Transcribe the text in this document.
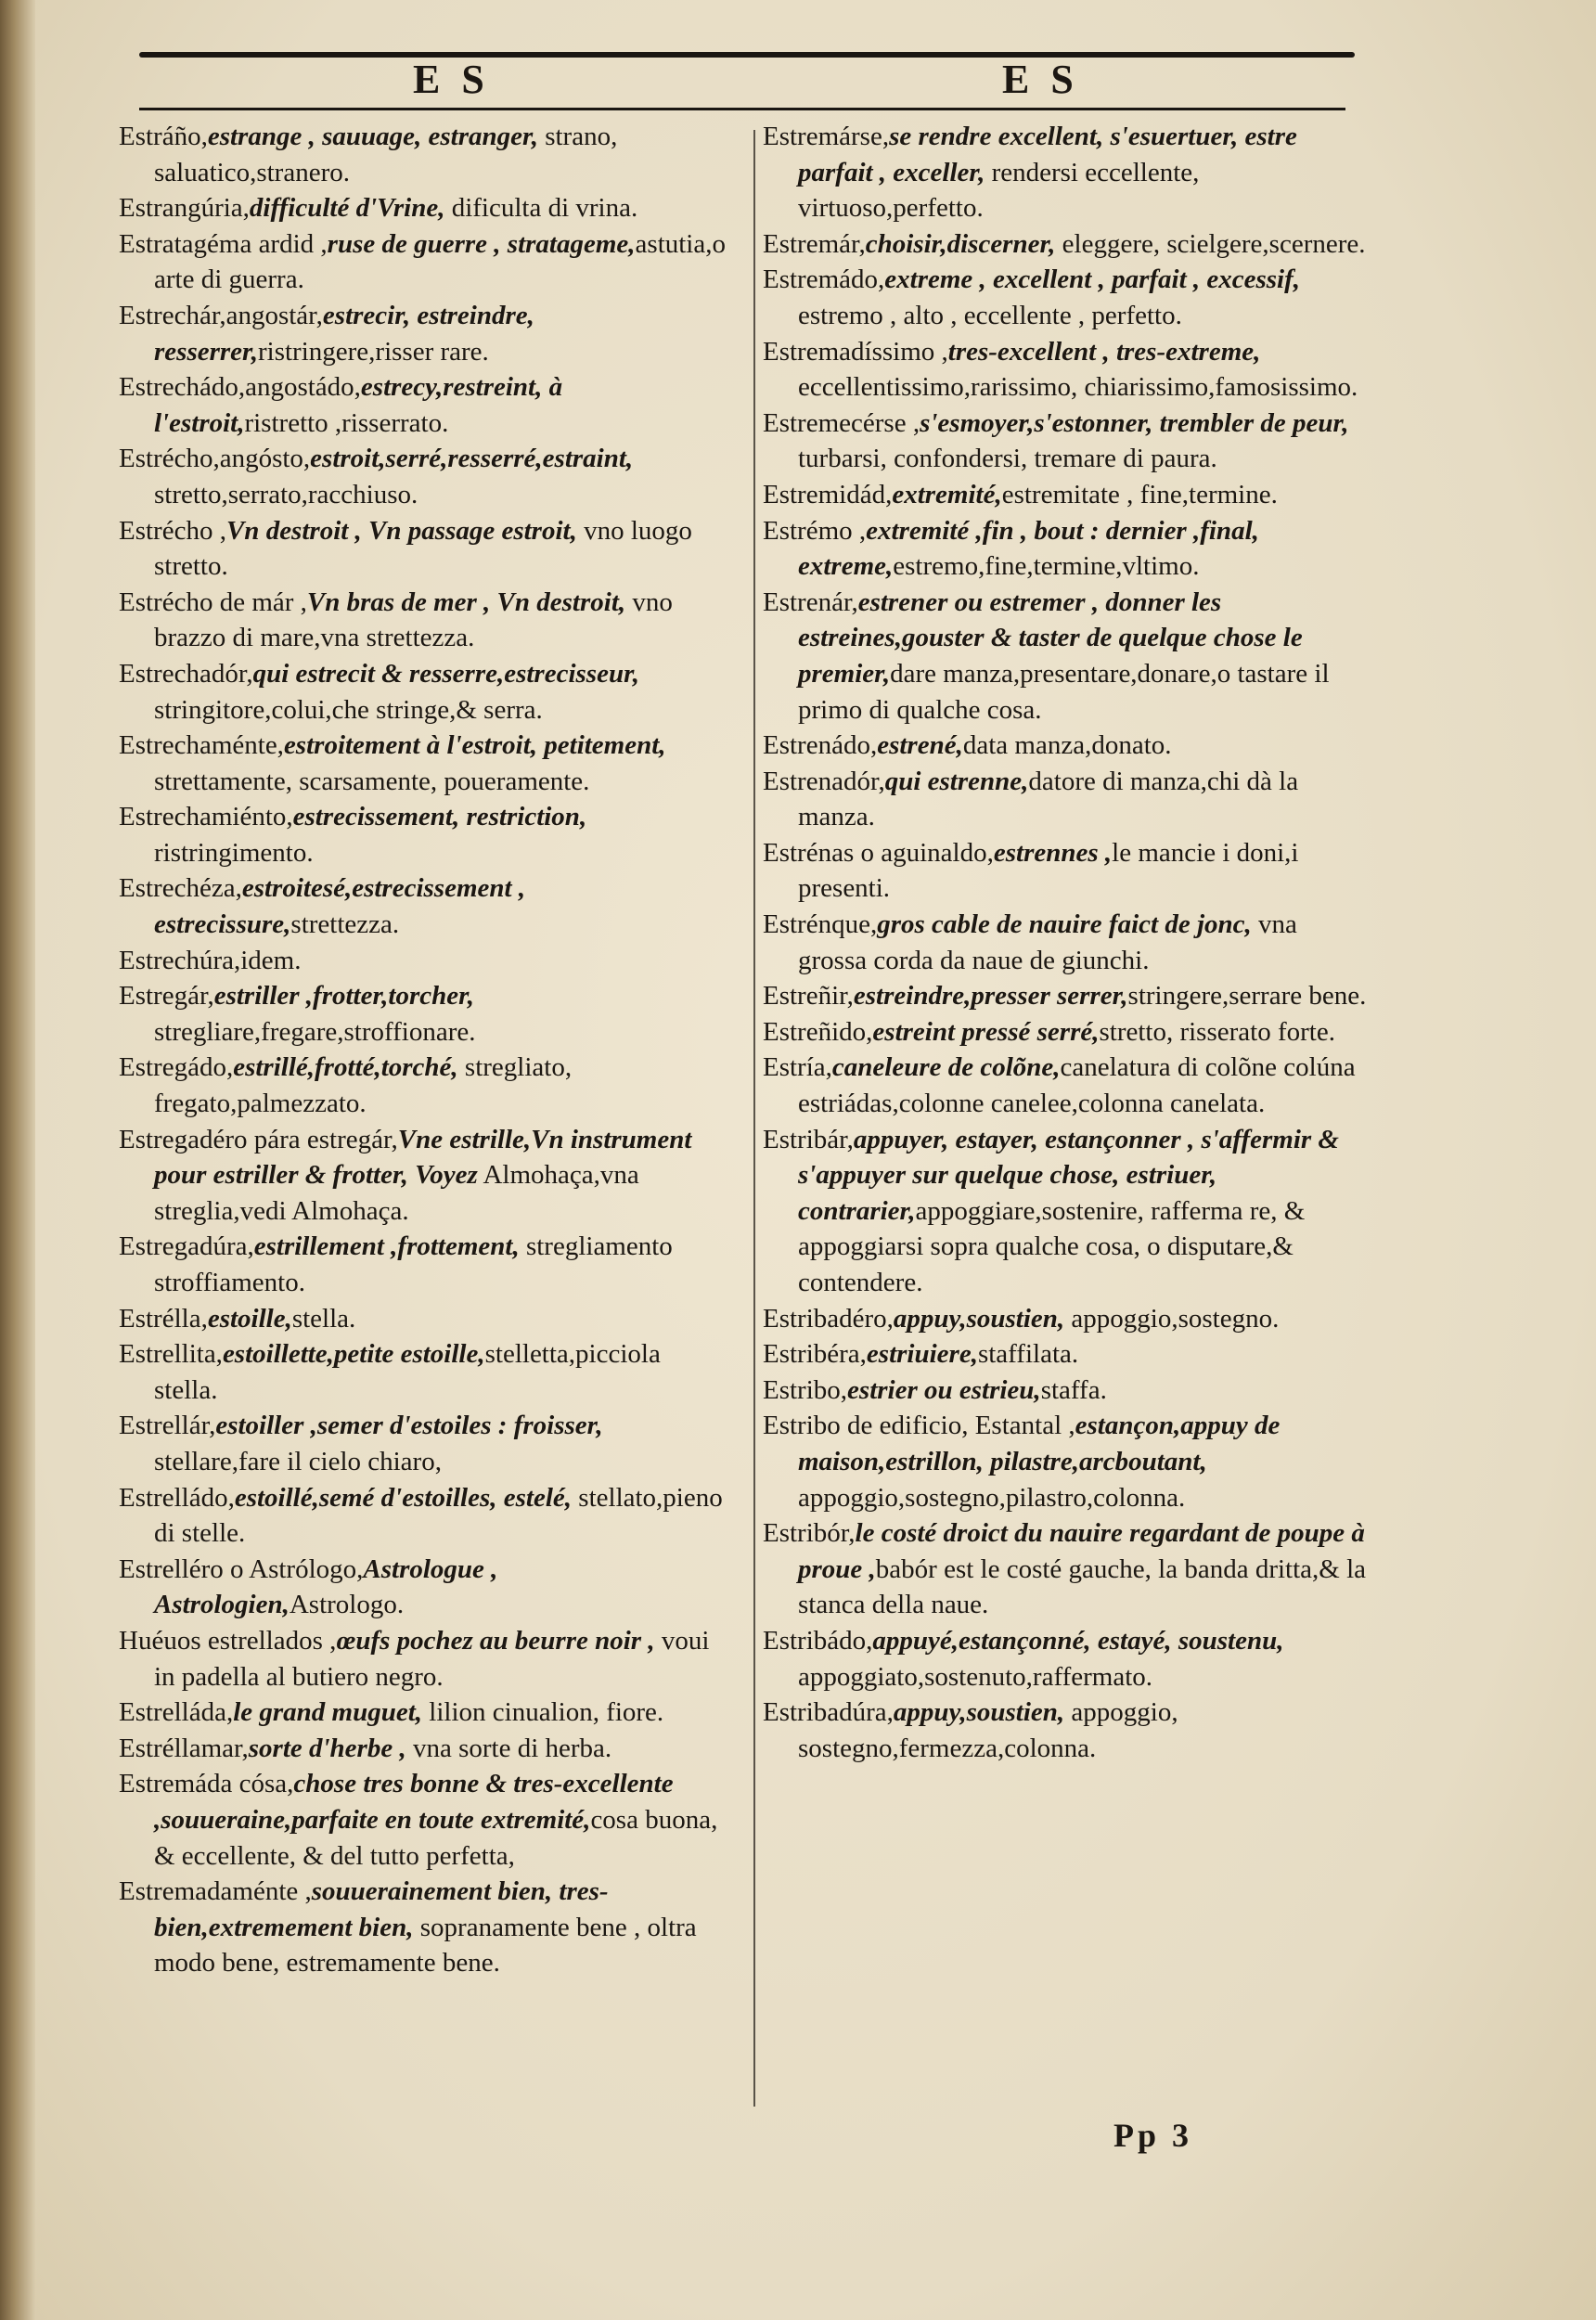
E S	E S

Estráño,estrange , sauuage, estranger, strano, saluatico,stranero.

Estrangúria,difficulté d'Vrine, dificulta di vrina.

Estratagéma ardid ,ruse de guerre , stratageme,astutia,o arte di guerra.

Estrechár,angostár,estrecir, estreindre, resserrer,ristringere,risser rare.

Estrechádo,angostádo,estrecy,restreint, à l'estroit,ristretto ,risserrato.

Estrécho,angósto,estroit,serré,resserré,estraint, stretto,serrato,racchiuso.

Estrécho ,Vn destroit , Vn passage estroit, vno luogo stretto.

Estrécho de már ,Vn bras de mer , Vn destroit, vno brazzo di mare,vna strettezza.

Estrechadór,qui estrecit & resserre,estrecisseur, stringitore,colui,che stringe,& serra.

Estrechaménte,estroitement à l'estroit, petitement, strettamente, scarsamente, poueramente.

Estrechamiénto,estrecissement, restriction, ristringimento.

Estrechéza,estroitesé,estrecissement , estrecissure,strettezza.

Estrechúra,idem.

Estregár,estriller ,frotter,torcher, stregliare,fregare,stroffionare.

Estregádo,estrillé,frotté,torché, stregliato, fregato,palmezzato.

Estregadéro pára estregár,Vne estrille,Vn instrument pour estriller & frotter, Voyez Almohaça,vna streglia,vedi Almohaça.

Estregadúra,estrillement ,frottement, stregliamento stroffiamento.

Estrélla,estoille,stella.

Estrellita,estoillette,petite estoille,stelletta,picciola stella.

Estrellár,estoiller ,semer d'estoiles : froisser, stellare,fare il cielo chiaro,

Estrelládo,estoillé,semé d'estoilles, estelé, stellato,pieno di stelle.

Estrelléro o Astrólogo,Astrologue , Astrologien,Astrologo.

Huéuos estrellados ,œufs pochez au beurre noir , voui in padella al butiero negro.

Estrelláda,le grand muguet, lilion cinualion, fiore.

Estréllamar,sorte d'herbe , vna sorte di herba.

Estremáda cósa,chose tres bonne & tres-excellente ,souueraine,parfaite en toute extremité,cosa buona, & eccellente, & del tutto perfetta,

Estremadaménte ,souuerainement bien, tres-bien,extremement bien, sopranamente bene , oltra modo bene, estremamente bene.

Estremárse,se rendre excellent, s'esuertuer, estre parfait , exceller, rendersi eccellente, virtuoso,perfetto.

Estremár,choisir,discerner, eleggere, scielgere,scernere.

Estremádo,extreme , excellent , parfait , excessif, estremo , alto , eccellente , perfetto.

Estremadíssimo ,tres-excellent , tres-extreme, eccellentissimo,rarissimo, chiarissimo,famosissimo.

Estremecérse ,s'esmoyer,s'estonner, trembler de peur, turbarsi, confondersi, tremare di paura.

Estremidád,extremité,estremitate , fine,termine.

Estrémo ,extremité ,fin , bout : dernier ,final, extreme,estremo,fine,termine,vltimo.

Estrenár,estrener ou estremer , donner les estreines,gouster & taster de quelque chose le premier,dare manza,presentare,donare,o tastare il primo di qualche cosa.

Estrenádo,estrené,data manza,donato.

Estrenadór,qui estrenne,datore di manza,chi dà la manza.

Estrénas o aguinaldo,estrennes ,le mancie i doni,i presenti.

Estrénque,gros cable de nauire faict de jonc, vna grossa corda da naue de giunchi.

Estreñir,estreindre,presser serrer,stringere,serrare bene.

Estreñido,estreint pressé serré,stretto, risserato forte.

Estría,canelеure de colõne,canelatura di colõne colúna estriádas,colonne canelee,colonna canelata.

Estribár,appuyer, estayer, estançonner , s'affermir & s'appuyer sur quelque chose, estriuer, contrarier,appoggiare,sostenire, rafferma re, & appoggiarsi sopra qualche cosa, o disputare,& contendere.

Estribadéro,appuy,soustien, appoggio,sostegno.

Estribéra,estriuiere,staffilata.

Estribo,estrier ou estrieu,staffa.

Estribo de edificio, Estantal ,estançon,appuy de maison,estrillon, pilastre,arcboutant, appoggio,sostegno,pilastro,colonna.

Estribór,le costé droict du nauire regardant de poupe à proue ,babór est le costé gauche, la banda dritta,& la stanca della naue.

Estribádo,appuyé,estançonné, estayé, soustenu, appoggiato,sostenuto,raffermato.

Estribadúra,appuy,soustien, appoggio, sostegno,fermezza,colonna.

Pp 3
